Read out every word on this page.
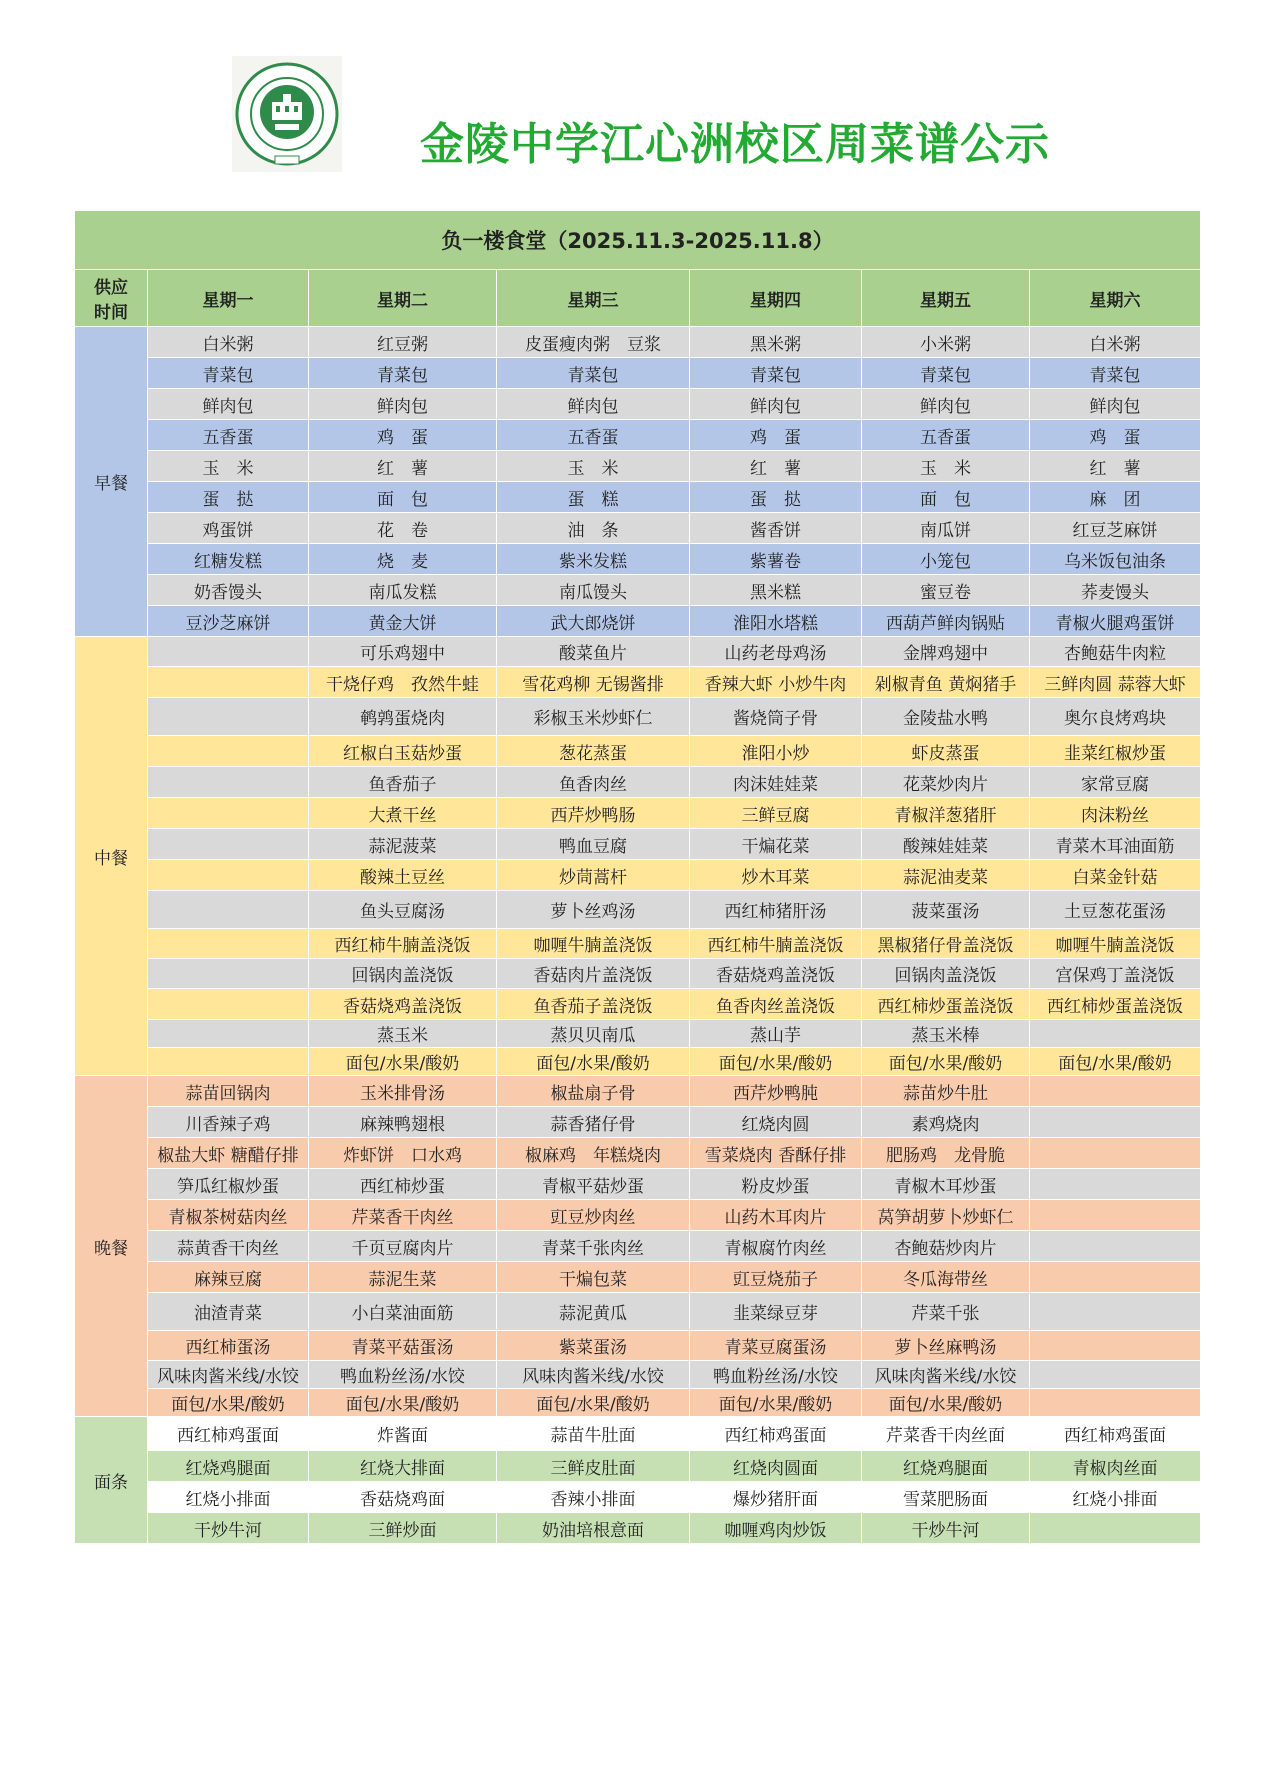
金陵中学江心洲校区周菜谱公示
负一楼食堂（2025.11.3-2025.11.8）						
供应
时间	星期一	星期二	星期三	星期四	星期五	星期六
早餐	白米粥	红豆粥	皮蛋瘦肉粥　豆浆	黑米粥	小米粥	白米粥
	青菜包	青菜包	青菜包	青菜包	青菜包	青菜包
	鲜肉包	鲜肉包	鲜肉包	鲜肉包	鲜肉包	鲜肉包
	五香蛋	鸡　蛋	五香蛋	鸡　蛋	五香蛋	鸡　蛋
	玉　米	红　薯	玉　米	红　薯	玉　米	红　薯
	蛋　挞	面　包	蛋　糕	蛋　挞	面　包	麻　团
	鸡蛋饼	花　卷	油　条	酱香饼	南瓜饼	红豆芝麻饼
	红糖发糕	烧　麦	紫米发糕	紫薯卷	小笼包	乌米饭包油条
	奶香馒头	南瓜发糕	南瓜馒头	黑米糕	蜜豆卷	荞麦馒头
	豆沙芝麻饼	黄金大饼	武大郎烧饼	淮阳水塔糕	西葫芦鲜肉锅贴	青椒火腿鸡蛋饼
中餐		可乐鸡翅中	酸菜鱼片	山药老母鸡汤	金牌鸡翅中	杏鲍菇牛肉粒
		干烧仔鸡　孜然牛蛙	雪花鸡柳 无锡酱排	香辣大虾 小炒牛肉	剁椒青鱼 黄焖猪手	三鲜肉圆 蒜蓉大虾
		鹌鹑蛋烧肉	彩椒玉米炒虾仁	酱烧筒子骨	金陵盐水鸭	奥尔良烤鸡块
		红椒白玉菇炒蛋	葱花蒸蛋	淮阳小炒	虾皮蒸蛋	韭菜红椒炒蛋
		鱼香茄子	鱼香肉丝	肉沫娃娃菜	花菜炒肉片	家常豆腐
		大煮干丝	西芹炒鸭肠	三鲜豆腐	青椒洋葱猪肝	肉沫粉丝
		蒜泥菠菜	鸭血豆腐	干煸花菜	酸辣娃娃菜	青菜木耳油面筋
		酸辣土豆丝	炒茼蒿杆	炒木耳菜	蒜泥油麦菜	白菜金针菇
		鱼头豆腐汤	萝卜丝鸡汤	西红柿猪肝汤	菠菜蛋汤	土豆葱花蛋汤
		西红柿牛腩盖浇饭	咖喱牛腩盖浇饭	西红柿牛腩盖浇饭	黑椒猪仔骨盖浇饭	咖喱牛腩盖浇饭
		回锅肉盖浇饭	香菇肉片盖浇饭	香菇烧鸡盖浇饭	回锅肉盖浇饭	宫保鸡丁盖浇饭
		香菇烧鸡盖浇饭	鱼香茄子盖浇饭	鱼香肉丝盖浇饭	西红柿炒蛋盖浇饭	西红柿炒蛋盖浇饭
		蒸玉米	蒸贝贝南瓜	蒸山芋	蒸玉米棒	
		面包/水果/酸奶	面包/水果/酸奶	面包/水果/酸奶	面包/水果/酸奶	面包/水果/酸奶
晚餐	蒜苗回锅肉	玉米排骨汤	椒盐扇子骨	西芹炒鸭肫	蒜苗炒牛肚	
	川香辣子鸡	麻辣鸭翅根	蒜香猪仔骨	红烧肉圆	素鸡烧肉	
	椒盐大虾 糖醋仔排	炸虾饼　口水鸡	椒麻鸡　年糕烧肉	雪菜烧肉 香酥仔排	肥肠鸡　龙骨脆	
	笋瓜红椒炒蛋	西红柿炒蛋	青椒平菇炒蛋	粉皮炒蛋	青椒木耳炒蛋	
	青椒茶树菇肉丝	芹菜香干肉丝	豇豆炒肉丝	山药木耳肉片	莴笋胡萝卜炒虾仁	
	蒜黄香干肉丝	千页豆腐肉片	青菜千张肉丝	青椒腐竹肉丝	杏鲍菇炒肉片	
	麻辣豆腐	蒜泥生菜	干煸包菜	豇豆烧茄子	冬瓜海带丝	
	油渣青菜	小白菜油面筋	蒜泥黄瓜	韭菜绿豆芽	芹菜千张	
	西红柿蛋汤	青菜平菇蛋汤	紫菜蛋汤	青菜豆腐蛋汤	萝卜丝麻鸭汤	
	风味肉酱米线/水饺	鸭血粉丝汤/水饺	风味肉酱米线/水饺	鸭血粉丝汤/水饺	风味肉酱米线/水饺	
	面包/水果/酸奶	面包/水果/酸奶	面包/水果/酸奶	面包/水果/酸奶	面包/水果/酸奶	
面条	西红柿鸡蛋面	炸酱面	蒜苗牛肚面	西红柿鸡蛋面	芹菜香干肉丝面	西红柿鸡蛋面
	红烧鸡腿面	红烧大排面	三鲜皮肚面	红烧肉圆面	红烧鸡腿面	青椒肉丝面
	红烧小排面	香菇烧鸡面	香辣小排面	爆炒猪肝面	雪菜肥肠面	红烧小排面
	干炒牛河	三鲜炒面	奶油培根意面	咖喱鸡肉炒饭	干炒牛河	
